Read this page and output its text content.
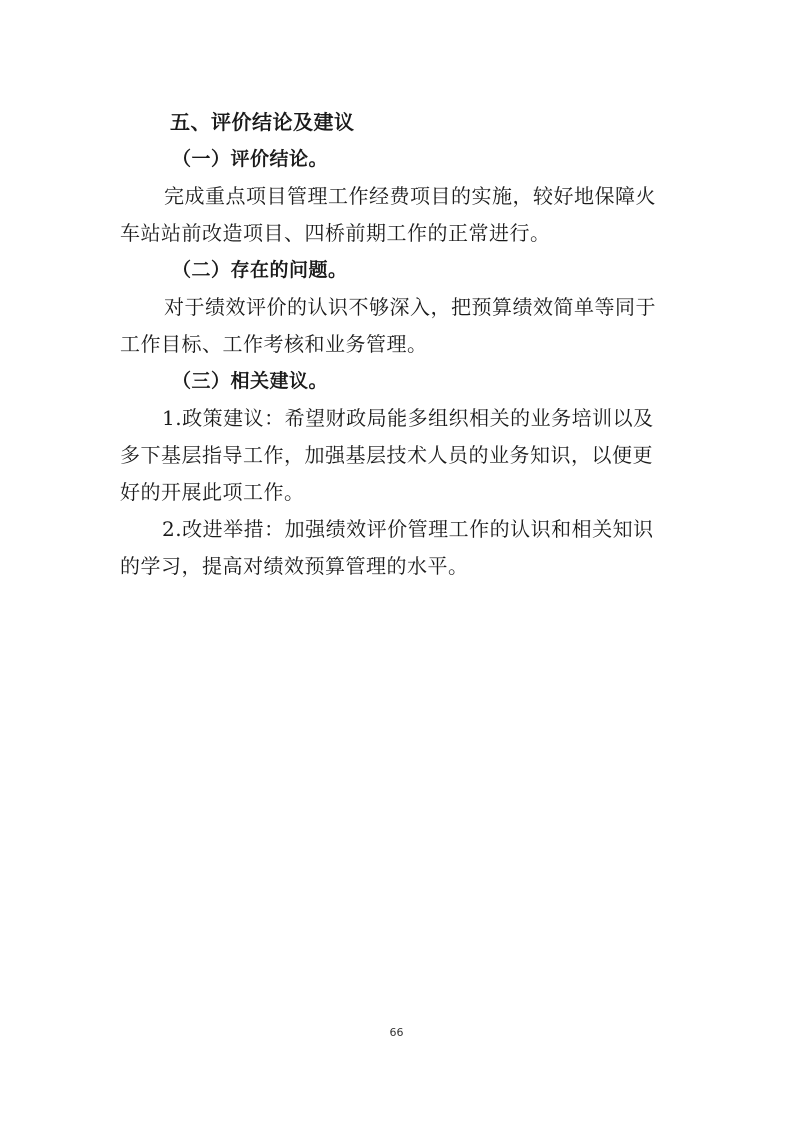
五、评价结论及建议
（一）评价结论。
完成重点项目管理工作经费项目的实施，较好地保障火
车站站前改造项目、四桥前期工作的正常进行。
（二）存在的问题。
对于绩效评价的认识不够深入，把预算绩效简单等同于
工作目标、工作考核和业务管理。
（三）相关建议。
1.政策建议：希望财政局能多组织相关的业务培训以及
多下基层指导工作，加强基层技术人员的业务知识，以便更
好的开展此项工作。
2.改进举措：加强绩效评价管理工作的认识和相关知识
的学习，提高对绩效预算管理的水平。
66
